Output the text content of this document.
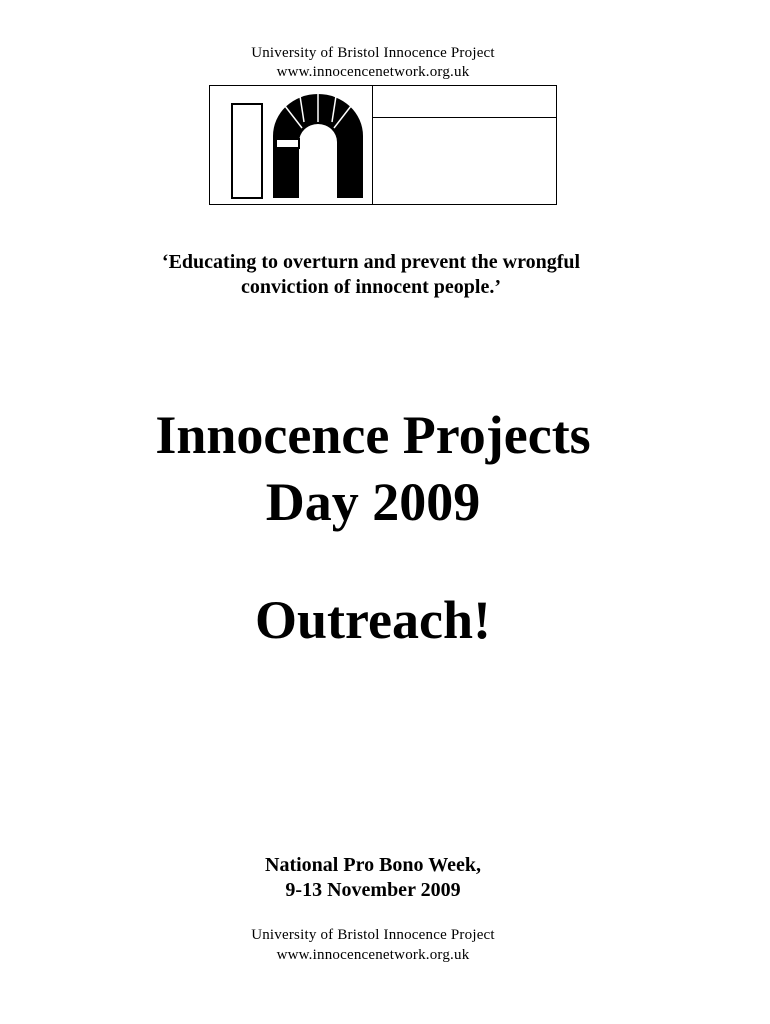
University of Bristol Innocence Project
www.innocencenetwork.org.uk
‘Educating to overturn and prevent the wrongful
conviction of innocent people.’
Innocence Projects
Day 2009
Outreach!
National Pro Bono Week,
9-13 November 2009
University of Bristol Innocence Project
www.innocencenetwork.org.uk
